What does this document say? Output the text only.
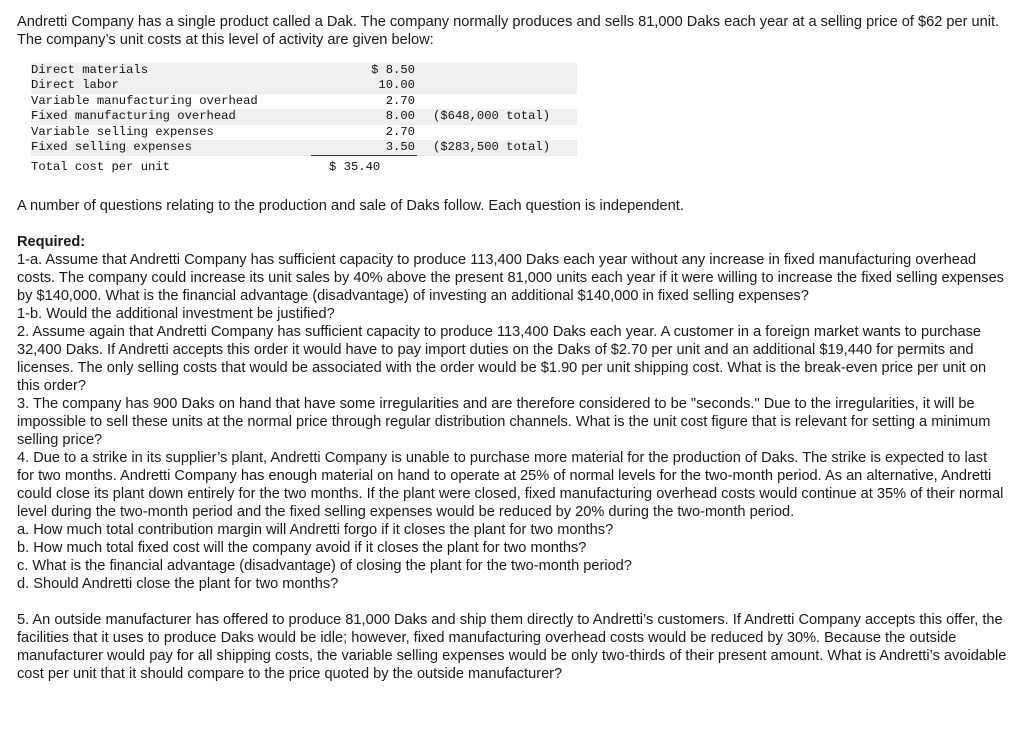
Andretti Company has a single product called a Dak. The company normally produces and sells 81,000 Daks each year at a selling price of $62 per unit. The company’s unit costs at this level of activity are given below:

Direct materials	$ 8.50	
Direct labor	10.00	
Variable manufacturing overhead	2.70	
Fixed manufacturing overhead	8.00	($648,000 total)
Variable selling expenses	2.70	
Fixed selling expenses	3.50	($283,500 total)
Total cost per unit	$ 35.40	

A number of questions relating to the production and sale of Daks follow. Each question is independent.

Required:

1-a. Assume that Andretti Company has sufficient capacity to produce 113,400 Daks each year without any increase in fixed manufacturing overhead costs. The company could increase its unit sales by 40% above the present 81,000 units each year if it were willing to increase the fixed selling expenses by $140,000. What is the financial advantage (disadvantage) of investing an additional $140,000 in fixed selling expenses?

1-b. Would the additional investment be justified?

2. Assume again that Andretti Company has sufficient capacity to produce 113,400 Daks each year. A customer in a foreign market wants to purchase 32,400 Daks. If Andretti accepts this order it would have to pay import duties on the Daks of $2.70 per unit and an additional $19,440 for permits and licenses. The only selling costs that would be associated with the order would be $1.90 per unit shipping cost. What is the break-even price per unit on this order?

3. The company has 900 Daks on hand that have some irregularities and are therefore considered to be "seconds." Due to the irregularities, it will be impossible to sell these units at the normal price through regular distribution channels. What is the unit cost figure that is relevant for setting a minimum selling price?

4. Due to a strike in its supplier’s plant, Andretti Company is unable to purchase more material for the production of Daks. The strike is expected to last for two months. Andretti Company has enough material on hand to operate at 25% of normal levels for the two-month period. As an alternative, Andretti could close its plant down entirely for the two months. If the plant were closed, fixed manufacturing overhead costs would continue at 35% of their normal level during the two-month period and the fixed selling expenses would be reduced by 20% during the two-month period.

a. How much total contribution margin will Andretti forgo if it closes the plant for two months?

b. How much total fixed cost will the company avoid if it closes the plant for two months?

c. What is the financial advantage (disadvantage) of closing the plant for the two-month period?

d. Should Andretti close the plant for two months?

5. An outside manufacturer has offered to produce 81,000 Daks and ship them directly to Andretti’s customers. If Andretti Company accepts this offer, the facilities that it uses to produce Daks would be idle; however, fixed manufacturing overhead costs would be reduced by 30%. Because the outside manufacturer would pay for all shipping costs, the variable selling expenses would be only two-thirds of their present amount. What is Andretti’s avoidable cost per unit that it should compare to the price quoted by the outside manufacturer?
